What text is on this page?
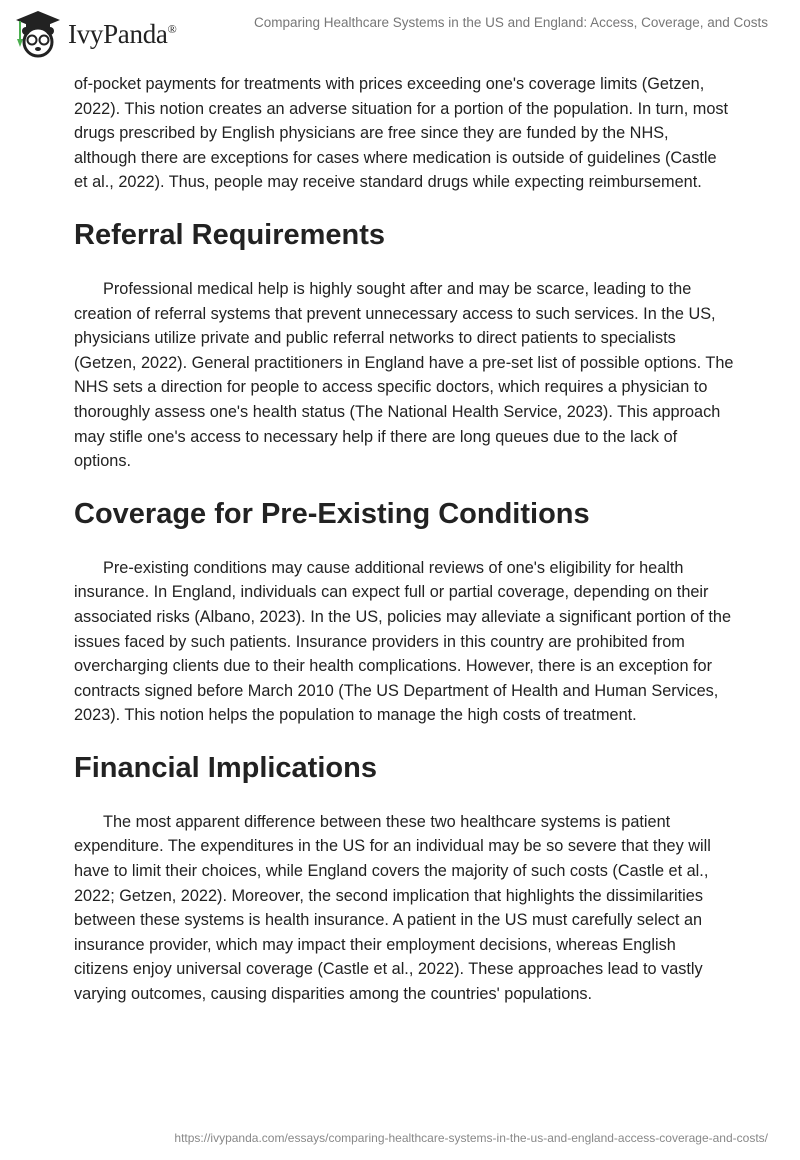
IvyPanda®	Comparing Healthcare Systems in the US and England: Access, Coverage, and Costs

of-pocket payments for treatments with prices exceeding one's coverage limits (Getzen, 2022). This notion creates an adverse situation for a portion of the population. In turn, most drugs prescribed by English physicians are free since they are funded by the NHS, although there are exceptions for cases where medication is outside of guidelines (Castle et al., 2022). Thus, people may receive standard drugs while expecting reimbursement.

Referral Requirements

Professional medical help is highly sought after and may be scarce, leading to the creation of referral systems that prevent unnecessary access to such services. In the US, physicians utilize private and public referral networks to direct patients to specialists (Getzen, 2022). General practitioners in England have a pre-set list of possible options. The NHS sets a direction for people to access specific doctors, which requires a physician to thoroughly assess one's health status (The National Health Service, 2023). This approach may stifle one's access to necessary help if there are long queues due to the lack of options.

Coverage for Pre-Existing Conditions

Pre-existing conditions may cause additional reviews of one's eligibility for health insurance. In England, individuals can expect full or partial coverage, depending on their associated risks (Albano, 2023). In the US, policies may alleviate a significant portion of the issues faced by such patients. Insurance providers in this country are prohibited from overcharging clients due to their health complications. However, there is an exception for contracts signed before March 2010 (The US Department of Health and Human Services, 2023). This notion helps the population to manage the high costs of treatment.

Financial Implications

The most apparent difference between these two healthcare systems is patient expenditure. The expenditures in the US for an individual may be so severe that they will have to limit their choices, while England covers the majority of such costs (Castle et al., 2022; Getzen, 2022). Moreover, the second implication that highlights the dissimilarities between these systems is health insurance. A patient in the US must carefully select an insurance provider, which may impact their employment decisions, whereas English citizens enjoy universal coverage (Castle et al., 2022). These approaches lead to vastly varying outcomes, causing disparities among the countries' populations.

https://ivypanda.com/essays/comparing-healthcare-systems-in-the-us-and-england-access-coverage-and-costs/
